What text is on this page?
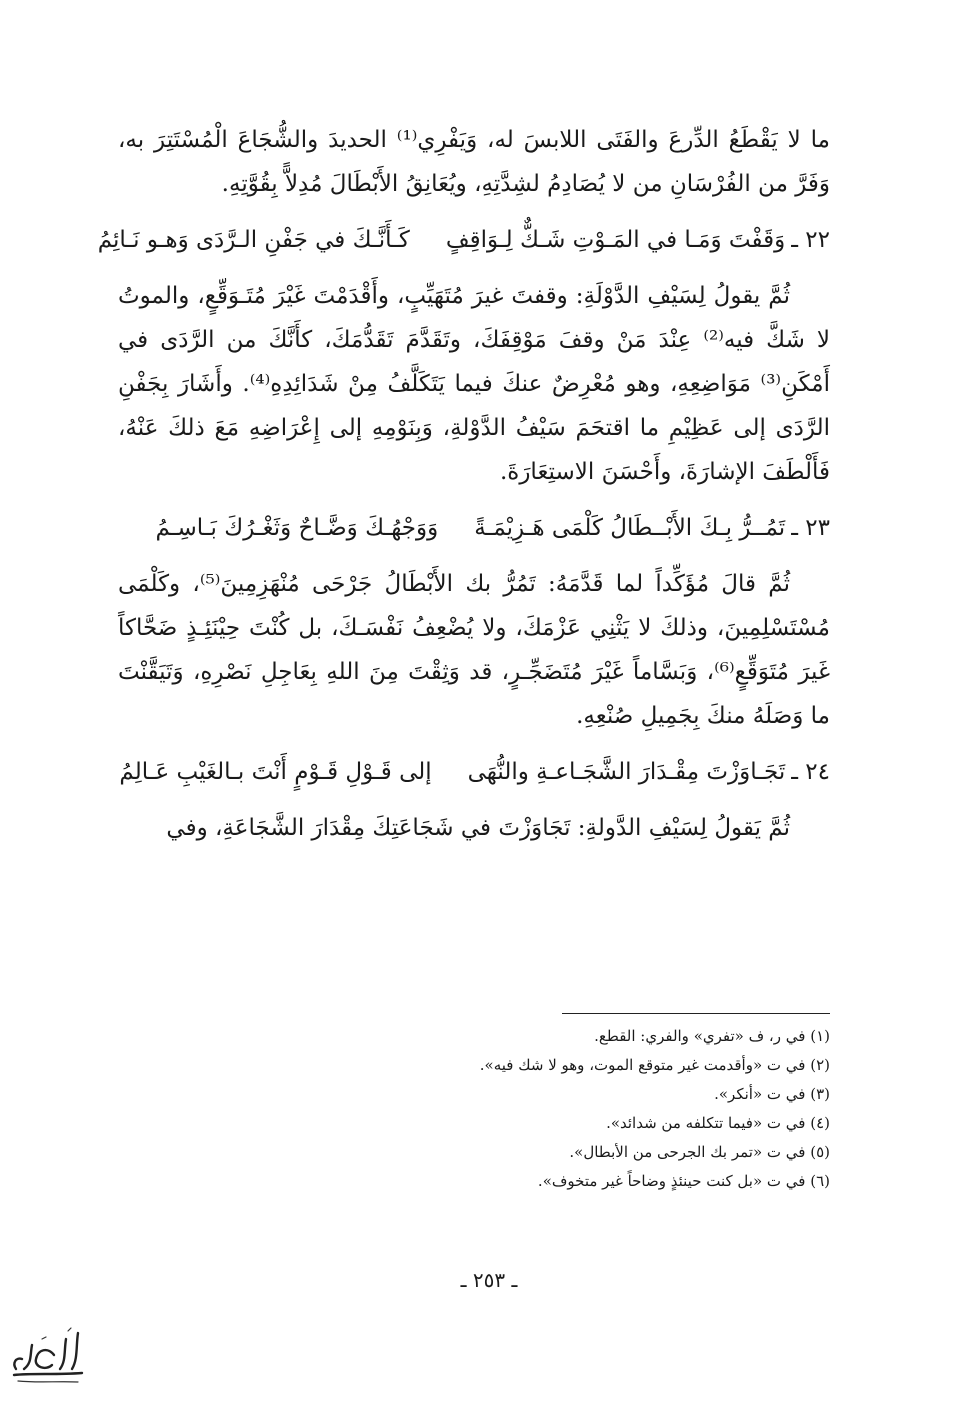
ما لا يَقْطَعُ الدِّرعَ والفَتَى اللابسَ له، وَيَفْرِي⁽¹⁾ الحديدَ والشُّجَاعَ الْمُسْتَتِرَ به، وَفَرَّ من الفُرْسَانِ من لا يُصَادِمُ لشِدَّتِهِ، ويُعَانِقُ الأَبْطَالَ مُدِلاًّ بِقُوَّتِهِ.

٢٢ ـ
وَقَفْتَ وَمَـا في المَـوْتِ شَـكٌّ لِـوَاقِفٍ
كَـأَنَّـكَ في جَفْنِ الـرَّدَى وَهـو نَـائِمُ

ثُمَّ يقولُ لِسَيْفِ الدَّوْلَةِ: وقفتَ غيرَ مُتَهَيِّبٍ، وأَقْدَمْتَ غَيْرَ مُتَـوَقِّعٍ، والموتُ لا شَكَّ فيه⁽²⁾ عِنْدَ مَنْ وقفَ مَوْقِفَكَ، وتَقَدَّمَ تَقَدُّمَكَ، كأَنَّكَ من الرَّدَى في أَمْكَنِ⁽³⁾ مَوَاضِعِهِ، وهو مُعْرِضٌ عنكَ فيما يَتَكَلَّفُ مِنْ شَدَائِدِهِ⁽⁴⁾. وأَشَارَ بِجَفْنِ الرَّدَى إلى عَظِيْمِ ما اقتحَمَ سَيْفُ الدَّوْلةِ، وَبِنَوْمِهِ إلى إِعْرَاضِهِ مَعَ ذلكَ عَنْهُ، فَأَلْطَفَ الإشارَةَ، وأَحْسَنَ الاستِعَارَةَ.

٢٣ ـ
تَمُــرُّ بِـكَ الأَبْــطَالُ كَلْمَى هَـزِيْمَـةً
وَوَجْهُـكَ وَضَّـاحٌ وَثَغْـرُكَ بَـاسِـمُ

ثُمَّ قالَ مُؤَكِّداً لما قَدَّمَهُ: تَمُرُّ بك الأَبْطَالُ جَرْحَى مُنْهَزِمِينَ⁽⁵⁾، وكَلْمَى مُسْتَسْلِمِينَ، وذلكَ لا يَثْنِي عَزْمَكَ، ولا يُضْعِفُ نَفْسَـكَ، بل كُنْتَ حِيْنَئِـذٍ ضَحَّاكاً غَيرَ مُتَوَقِّعٍ⁽⁶⁾، وَبَسَّاماً غَيْرَ مُتَضَجِّـرٍ، قد وَثِقْتَ مِنَ اللهِ بِعَاجِلِ نَصْرِهِ، وَتَيَقَّنْتَ ما وَصَلَهُ منكَ بِجَمِيلِ صُنْعِهِ.

٢٤ ـ
تَجَـاوَزْتَ مِقْـدَارَ الشَّجَـاعـةِ والنُّهَى
إلى قَـوْلِ قَـوْمٍ أَنْتَ بـالغَيْبِ عَـالِمُ

ثُمَّ يَقولُ لِسَيْفِ الدَّولةِ: تَجَاوَزْتَ في شَجَاعَتِكَ مِقْدَارَ الشَّجَاعَةِ، وفي

(١) في ر، ف «تفري» والفري: القطع.
(٢) في ت «وأقدمت غير متوقع الموت، وهو لا شك فيه».
(٣) في ت «أنكر».
(٤) في ت «فيما تتكلفه من شدائد».
(٥) في ت «تمر بك الجرحى من الأبطال».
(٦) في ت «بل كنت حينئذٍ وضاحاً غير متخوف».
ـ ٢٥٣ ـ
